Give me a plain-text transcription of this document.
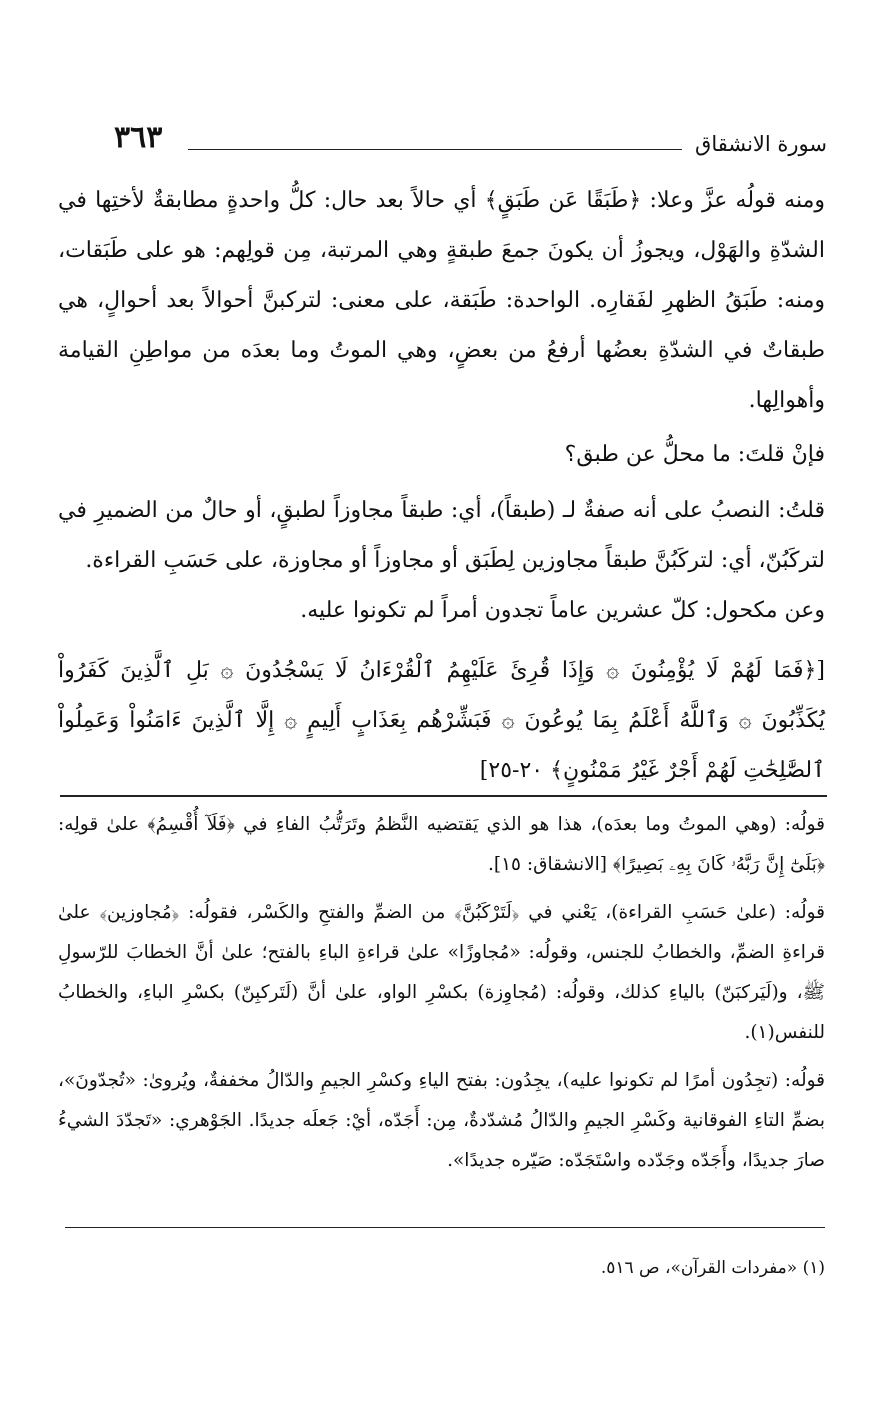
٣٦٣	سورة الانشقاق

ومنه قولُه عزَّ وعلا: ﴿طَبَقًا عَن طَبَقٍ﴾ أي حالاً بعد حال: كلُّ واحدةٍ مطابقةٌ لأختِها في الشدّةِ والهَوْل، ويجوزُ أن يكونَ جمعَ طبقةٍ وهي المرتبة، مِن قولِهم: هو على طَبَقات، ومنه: طَبَقُ الظهرِ لفَقارِه. الواحدة: طَبَقة، على معنى: لتركبنَّ أحوالاً بعد أحوالٍ، هي طبقاتٌ في الشدّةِ بعضُها أرفعُ من بعضٍ، وهي الموتُ وما بعدَه من مواطِنِ القيامة وأهوالِها.

فإنْ قلتَ: ما محلُّ عن طبق؟

قلتُ: النصبُ على أنه صفةٌ لـ (طبقاً)، أي: طبقاً مجاوزاً لطبقٍ، أو حالٌ من الضميرِ في لتركَبُنّ، أي: لتركَبُنَّ طبقاً مجاوزين لِطَبَق أو مجاوزاً أو مجاوزة، على حَسَبِ القراءة.

وعن مكحول: كلّ عشرين عاماً تجدون أمراً لم تكونوا عليه.

[﴿فَمَا لَهُمْ لَا يُؤْمِنُونَ ۞ وَإِذَا قُرِئَ عَلَيْهِمُ ٱلْقُرْءَانُ لَا يَسْجُدُونَ ۞ بَلِ ٱلَّذِينَ كَفَرُواْ يُكَذِّبُونَ ۞ وَٱللَّهُ أَعْلَمُ بِمَا يُوعُونَ ۞ فَبَشِّرْهُم بِعَذَابٍ أَلِيمٍ ۞ إِلَّا ٱلَّذِينَ ءَامَنُواْ وَعَمِلُواْ ٱلصَّٰلِحَٰتِ لَهُمْ أَجْرٌ غَيْرُ مَمْنُونٍ﴾ ٢٠-٢٥]

قولُه: (وهي الموتُ وما بعدَه)، هذا هو الذي يَقتضيه النَّظمُ وتَرَتُّبُ الفاءِ في ﴿فَلَآ أُقْسِمُ﴾ علىٰ قولِه: ﴿بَلَىٰٓ إِنَّ رَبَّهُۥ كَانَ بِهِۦ بَصِيرًا﴾ [الانشقاق: ١٥].

قولُه: (علىٰ حَسَبِ القراءة)، يَعْني في ﴿لَتَرْكَبُنَّ﴾ من الضمِّ والفتحِ والكَسْر، فقولُه: ﴿مُجاوزين﴾ علىٰ قراءةِ الضمِّ، والخطابُ للجنس، وقولُه: «مُجاوزًا» علىٰ قراءةِ الباءِ بالفتح؛ علىٰ أنَّ الخطابَ للرّسولِ ﷺ، و(لَيَركبَنّ) بالياءِ كذلك، وقولُه: (مُجاوِزة) بكسْرِ الواو، علىٰ أنَّ (لَتَركبِنّ) بكسْرِ الباءِ، والخطابُ للنفس(١).

قولُه: (تجِدُون أمرًا لم تكونوا عليه)، يجِدُون: بفتح الياءِ وكسْرِ الجيمِ والدّالُ مخففةٌ، ويُروىٰ: «تُجدّونَ»، بضمِّ التاءِ الفوقانية وكَسْرِ الجيمِ والدّالُ مُشدّدةٌ، مِن: أَجَدّه، أيْ: جَعلَه جديدًا. الجَوْهري: «تَجدّدَ الشيءُ صارَ جديدًا، وأَجَدّه وجَدّده واسْتَجَدّه: صَيّره جديدًا».

(١) «مفردات القرآن»، ص ٥١٦.
